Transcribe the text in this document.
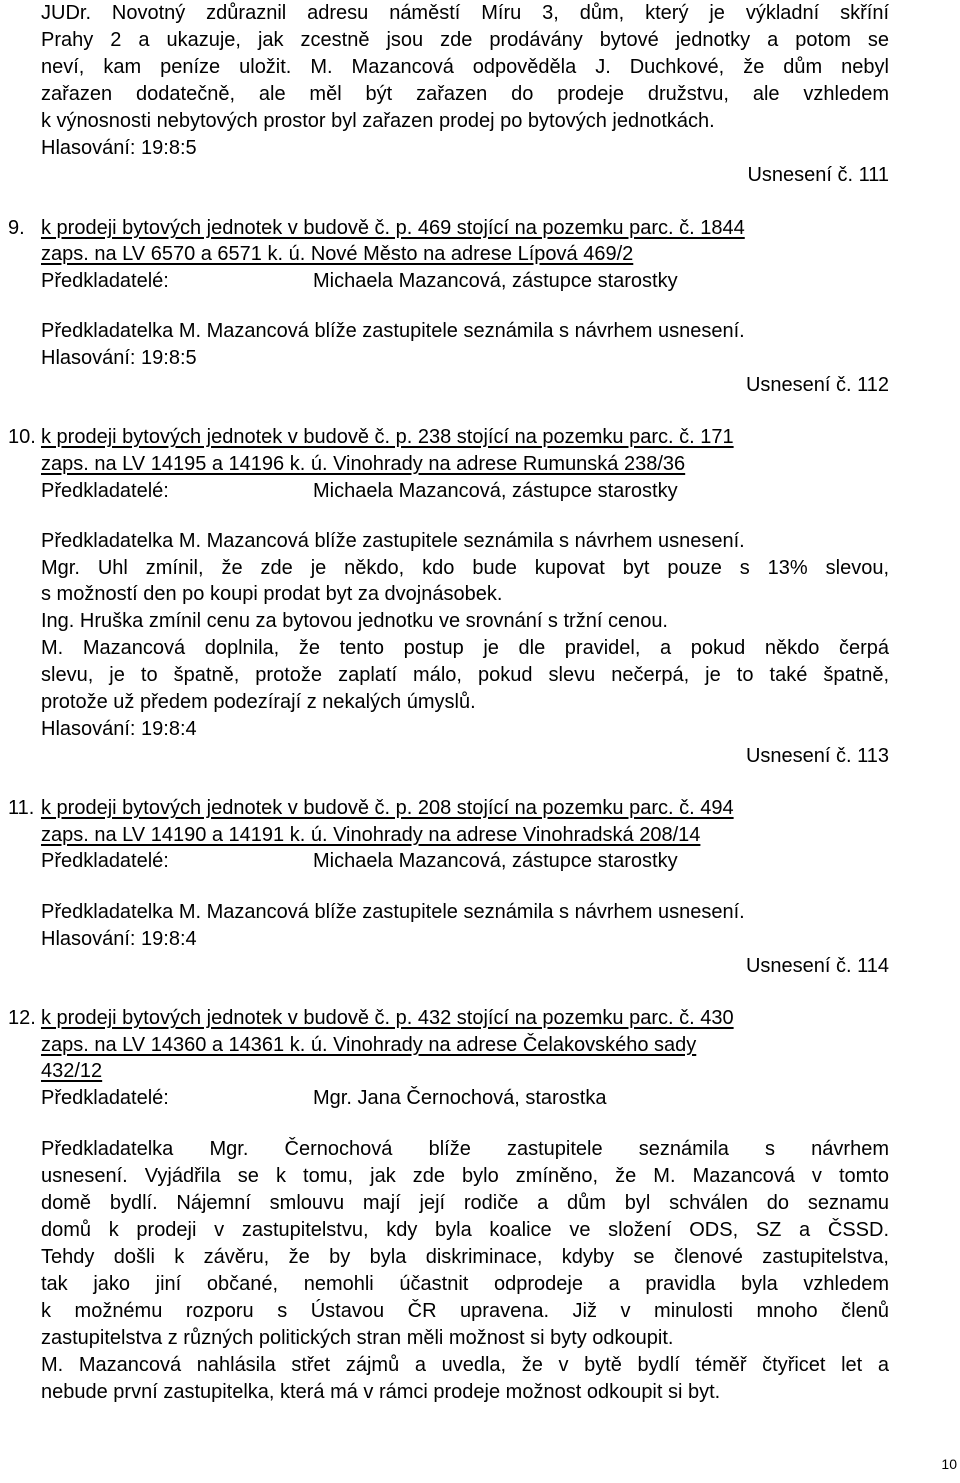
JUDr. Novotný zdůraznil adresu náměstí Míru 3, dům, který je výkladní skříní
Prahy 2 a ukazuje, jak zcestně jsou zde prodávány bytové jednotky a potom se
neví, kam peníze uložit. M. Mazancová odpověděla J. Duchkové, že dům nebyl
zařazen dodatečně, ale měl být zařazen do prodeje družstvu, ale vzhledem
k výnosnosti nebytových prostor byl zařazen prodej po bytových jednotkách.
Hlasování: 19:8:5
Usnesení č. 111
9. k prodeji bytových jednotek v budově č. p. 469 stojící na pozemku parc. č. 1844
zaps. na LV 6570 a 6571 k. ú. Nové Město na adrese Lípová 469/2
Předkladatelé:	Michaela Mazancová, zástupce starostky
Předkladatelka M. Mazancová blíže zastupitele seznámila s návrhem usnesení.
Hlasování: 19:8:5
Usnesení č. 112
10. k prodeji bytových jednotek v budově č. p. 238 stojící na pozemku parc. č. 171
zaps. na LV 14195 a 14196 k. ú. Vinohrady na adrese Rumunská 238/36
Předkladatelé:	Michaela Mazancová, zástupce starostky
Předkladatelka M. Mazancová blíže zastupitele seznámila s návrhem usnesení.
Mgr. Uhl zmínil, že zde je někdo, kdo bude kupovat byt pouze s 13% slevou,
s možností den po koupi prodat byt za dvojnásobek.
Ing. Hruška zmínil cenu za bytovou jednotku ve srovnání s tržní cenou.
M. Mazancová doplnila, že tento postup je dle pravidel, a pokud někdo čerpá
slevu, je to špatně, protože zaplatí málo, pokud slevu nečerpá, je to také špatně,
protože už předem podezírají z nekalých úmyslů.
Hlasování: 19:8:4
Usnesení č. 113
11. k prodeji bytových jednotek v budově č. p. 208 stojící na pozemku parc. č. 494
zaps. na LV 14190 a 14191 k. ú. Vinohrady na adrese Vinohradská 208/14
Předkladatelé:	Michaela Mazancová, zástupce starostky
Předkladatelka M. Mazancová blíže zastupitele seznámila s návrhem usnesení.
Hlasování: 19:8:4
Usnesení č. 114
12. k prodeji bytových jednotek v budově č. p. 432 stojící na pozemku parc. č. 430
zaps. na LV 14360 a 14361 k. ú. Vinohrady na adrese Čelakovského sady
432/12
Předkladatelé:	Mgr. Jana Černochová, starostka
Předkladatelka Mgr. Černochová blíže zastupitele seznámila s návrhem
usnesení. Vyjádřila se k tomu, jak zde bylo zmíněno, že M. Mazancová v tomto
domě bydlí. Nájemní smlouvu mají její rodiče a dům byl schválen do seznamu
domů k prodeji v zastupitelstvu, kdy byla koalice ve složení ODS, SZ a ČSSD.
Tehdy došli k závěru, že by byla diskriminace, kdyby se členové zastupitelstva,
tak jako jiní občané, nemohli účastnit odprodeje a pravidla byla vzhledem
k možnému rozporu s Ústavou ČR upravena. Již v minulosti mnoho členů
zastupitelstva z různých politických stran měli možnost si byty odkoupit.
M. Mazancová nahlásila střet zájmů a uvedla, že v bytě bydlí téměř čtyřicet let a
nebude první zastupitelka, která má v rámci prodeje možnost odkoupit si byt.
10
